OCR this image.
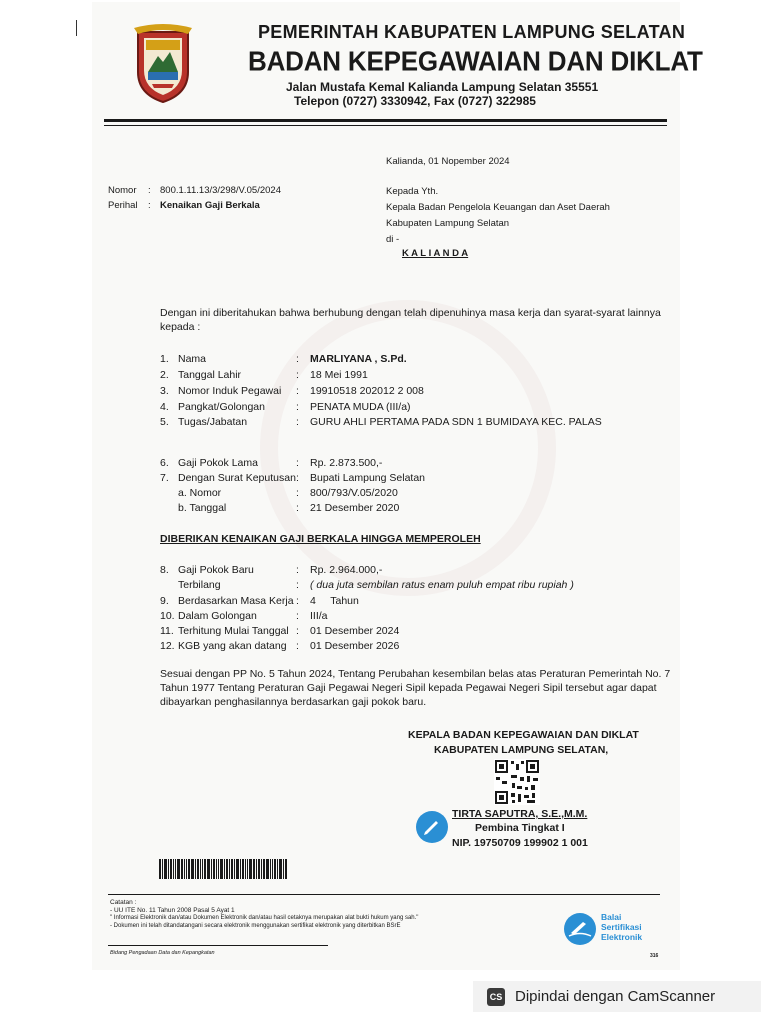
PEMERINTAH KABUPATEN LAMPUNG SELATAN
BADAN KEPEGAWAIAN DAN DIKLAT
Jalan Mustafa Kemal Kalianda Lampung Selatan 35551
Telepon (0727) 3330942, Fax (0727) 322985
Kalianda, 01 Nopember 2024
Nomor : 800.1.11.13/3/298/V.05/2024
Perihal : Kenaikan Gaji Berkala
Kepada Yth.
Kepala Badan Pengelola Keuangan dan Aset Daerah
Kabupaten Lampung Selatan
di -
K A L I A N D A
Dengan ini diberitahukan bahwa berhubung dengan telah dipenuhinya masa kerja dan syarat-syarat lainnya
kepada :
1. Nama	: MARLIYANA , S.Pd.
2. Tanggal Lahir	: 18 Mei 1991
3. Nomor Induk Pegawai : 19910518 202012 2 008
4. Pangkat/Golongan	: PENATA MUDA (III/a)
5. Tugas/Jabatan	: GURU AHLI PERTAMA PADA SDN 1 BUMIDAYA KEC. PALAS
6. Gaji Pokok Lama	: Rp. 2.873.500,-
7. Dengan Surat Keputusan: Bupati Lampung Selatan
a. Nomor	: 800/793/V.05/2020
b. Tanggal	: 21 Desember 2020
DIBERIKAN KENAIKAN GAJI BERKALA HINGGA MEMPEROLEH
8. Gaji Pokok Baru	: Rp. 2.964.000,-
Terbilang	: ( dua juta sembilan ratus enam puluh empat ribu rupiah )
9. Berdasarkan Masa Kerja : 4     Tahun
10. Dalam Golongan	: III/a
11. Terhitung Mulai Tanggal : 01 Desember 2024
12. KGB yang akan datang : 01 Desember 2026
Sesuai dengan PP No. 5 Tahun 2024, Tentang Perubahan kesembilan belas atas Peraturan Pemerintah No. 7
Tahun 1977 Tentang Peraturan Gaji Pegawai Negeri Sipil kepada Pegawai Negeri Sipil tersebut agar dapat
dibayarkan penghasilannya berdasarkan gaji pokok baru.
KEPALA BADAN KEPEGAWAIAN DAN DIKLAT
KABUPATEN LAMPUNG SELATAN,
TIRTA SAPUTRA, S.E.,M.M.
Pembina Tingkat I
NIP. 19750709 199902 1 001
Catatan :
- UU ITE No. 11 Tahun 2008 Pasal 5 Ayat 1
" Informasi Elektronik dan/atau Dokumen Elektronik dan/atau hasil cetaknya merupakan alat bukti hukum yang sah."
- Dokumen ini telah ditandatangani secara elektronik menggunakan sertifikat elektronik yang diterbitkan BSrE
Bidang Pengadaan Data dan Kepangkatan	316
Balai
Sertifikasi
Elektronik
CS Dipindai dengan CamScanner
